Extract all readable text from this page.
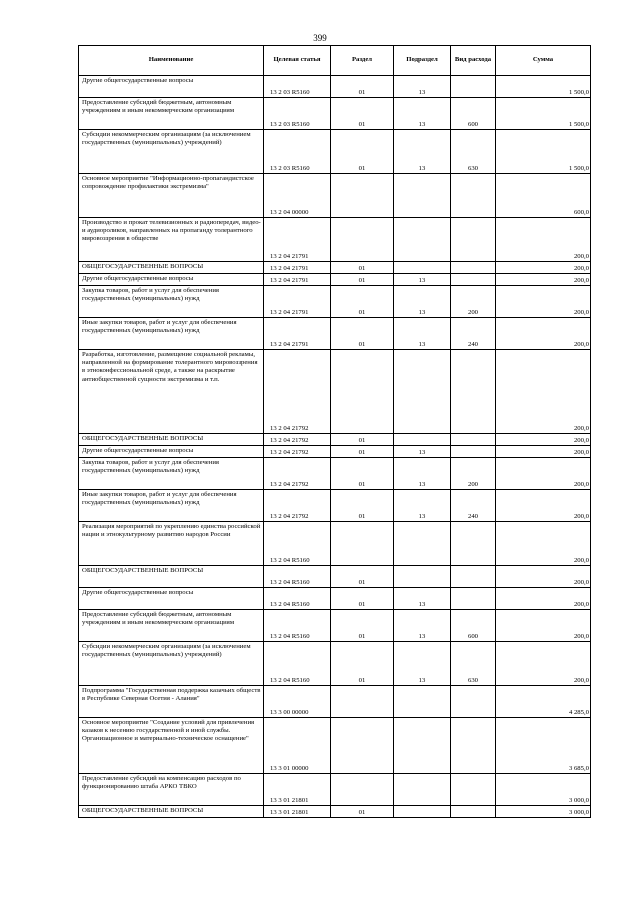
399
Наименование	Целевая статья	Раздел	Подраздел	Вид расхода	Сумма
Другие общегосударственные вопросы	13 2 03 R5160	01	13		1 500,0
Предоставление субсидий бюджетным, автономным учреждениям и иным некоммерческим организациям	13 2 03 R5160	01	13	600	1 500,0
Субсидии некоммерческим организациям (за исключением государственных (муниципальных) учреждений)	13 2 03 R5160	01	13	630	1 500,0
Основное мероприятие "Информационно-пропагандистское сопровождение профилактики экстремизма"	13 2 04 00000				600,0
Производство и прокат телевизионных и радиопередач, видео- и аудиороликов, направленных на пропаганду толерантного мировоззрения в обществе	13 2 04 21791				200,0
ОБЩЕГОСУДАРСТВЕННЫЕ ВОПРОСЫ	13 2 04 21791	01			200,0
Другие общегосударственные вопросы	13 2 04 21791	01	13		200,0
Закупка товаров, работ и услуг для обеспечения государственных (муниципальных) нужд	13 2 04 21791	01	13	200	200,0
Иные закупки товаров, работ и услуг для обеспечения государственных (муниципальных) нужд	13 2 04 21791	01	13	240	200,0
Разработка, изготовление, размещение социальной рекламы, направленной на формирование толерантного мировоззрения в этноконфессиональной среде, а также на раскрытие антиобщественной сущности экстремизма и т.п.	13 2 04 21792				200,0
ОБЩЕГОСУДАРСТВЕННЫЕ ВОПРОСЫ	13 2 04 21792	01			200,0
Другие общегосударственные вопросы	13 2 04 21792	01	13		200,0
Закупка товаров, работ и услуг для обеспечения государственных (муниципальных) нужд	13 2 04 21792	01	13	200	200,0
Иные закупки товаров, работ и услуг для обеспечения государственных (муниципальных) нужд	13 2 04 21792	01	13	240	200,0
Реализация мероприятий по укреплению единства российской нации и этнокультурному развитию народов России	13 2 04 R5160				200,0
ОБЩЕГОСУДАРСТВЕННЫЕ ВОПРОСЫ	13 2 04 R5160	01			200,0
Другие общегосударственные вопросы	13 2 04 R5160	01	13		200,0
Предоставление субсидий бюджетным, автономным учреждениям и иным некоммерческим организациям	13 2 04 R5160	01	13	600	200,0
Субсидии некоммерческим организациям (за исключением государственных (муниципальных) учреждений)	13 2 04 R5160	01	13	630	200,0
Подпрограмма "Государственная поддержка казачьих обществ в Республике Северная Осетия - Алания"	13 3 00 00000				4 285,0
Основное мероприятие "Создание условий для привлечения казаков к несению государственной и иной службы. Организационное и материально-техническое оснащение"	13 3 01 00000				3 685,0
Предоставление субсидий на компенсацию расходов по функционированию штаба АРКО ТВКО	13 3 01 21801				3 000,0
ОБЩЕГОСУДАРСТВЕННЫЕ ВОПРОСЫ	13 3 01 21801	01			3 000,0
